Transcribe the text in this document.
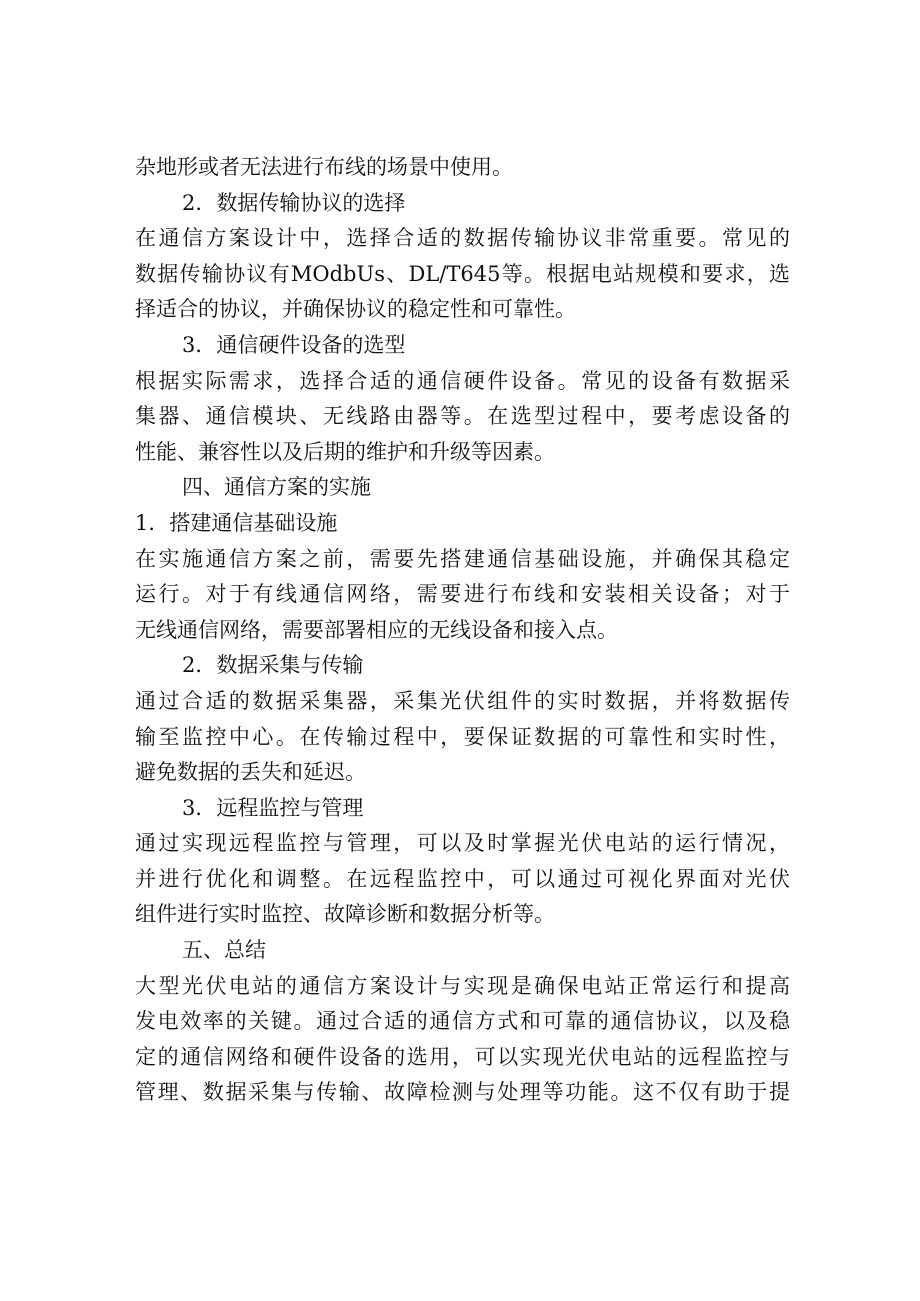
杂地形或者无法进行布线的场景中使用。
2．数据传输协议的选择
在通信方案设计中，选择合适的数据传输协议非常重要。常见的
数据传输协议有MOdbUs、DL/T645等。根据电站规模和要求，选
择适合的协议，并确保协议的稳定性和可靠性。
3．通信硬件设备的选型
根据实际需求，选择合适的通信硬件设备。常见的设备有数据采
集器、通信模块、无线路由器等。在选型过程中，要考虑设备的
性能、兼容性以及后期的维护和升级等因素。
四、通信方案的实施
1．搭建通信基础设施
在实施通信方案之前，需要先搭建通信基础设施，并确保其稳定
运行。对于有线通信网络，需要进行布线和安装相关设备；对于
无线通信网络，需要部署相应的无线设备和接入点。
2．数据采集与传输
通过合适的数据采集器，采集光伏组件的实时数据，并将数据传
输至监控中心。在传输过程中，要保证数据的可靠性和实时性，
避免数据的丢失和延迟。
3．远程监控与管理
通过实现远程监控与管理，可以及时掌握光伏电站的运行情况，
并进行优化和调整。在远程监控中，可以通过可视化界面对光伏
组件进行实时监控、故障诊断和数据分析等。
五、总结
大型光伏电站的通信方案设计与实现是确保电站正常运行和提高
发电效率的关键。通过合适的通信方式和可靠的通信协议，以及稳
定的通信网络和硬件设备的选用，可以实现光伏电站的远程监控与
管理、数据采集与传输、故障检测与处理等功能。这不仅有助于提
